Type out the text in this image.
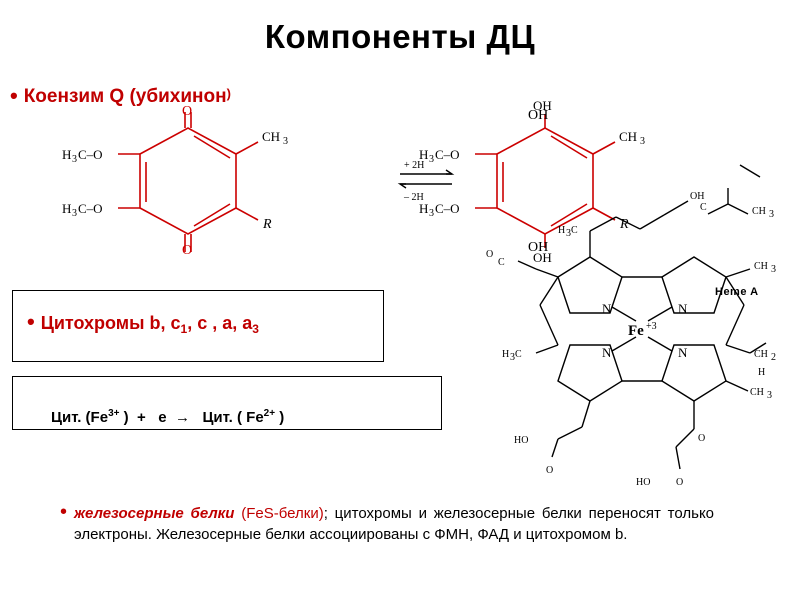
Компоненты ДЦ
• Коензим Q (убихинон )
H 3 C–O
H 3 C–O
CH 3
R
+ 2H
– 2H
H 3 C–O
H 3 C–O
CH 3
R
OH
OH
OH
OH
O
O
N	N
N	N
Fe +3
OH
H 3 C
CH 3
CH 2
H
C
O
H 3 C
CH 3
HO
O
O
O
HO
C	CH 3
Heme A
• Цитохромы b, c 1 , c , a, a 3

Цит. ($Fe^{3+}$ )  + e → Цит. ( $Fe^{2+}$ )

• железосерные белки (FeS-белки); цитохромы и железосерные белки переносят только электроны. Железосерные белки ассоциированы с ФМН, ФАД и цитохромом b.
